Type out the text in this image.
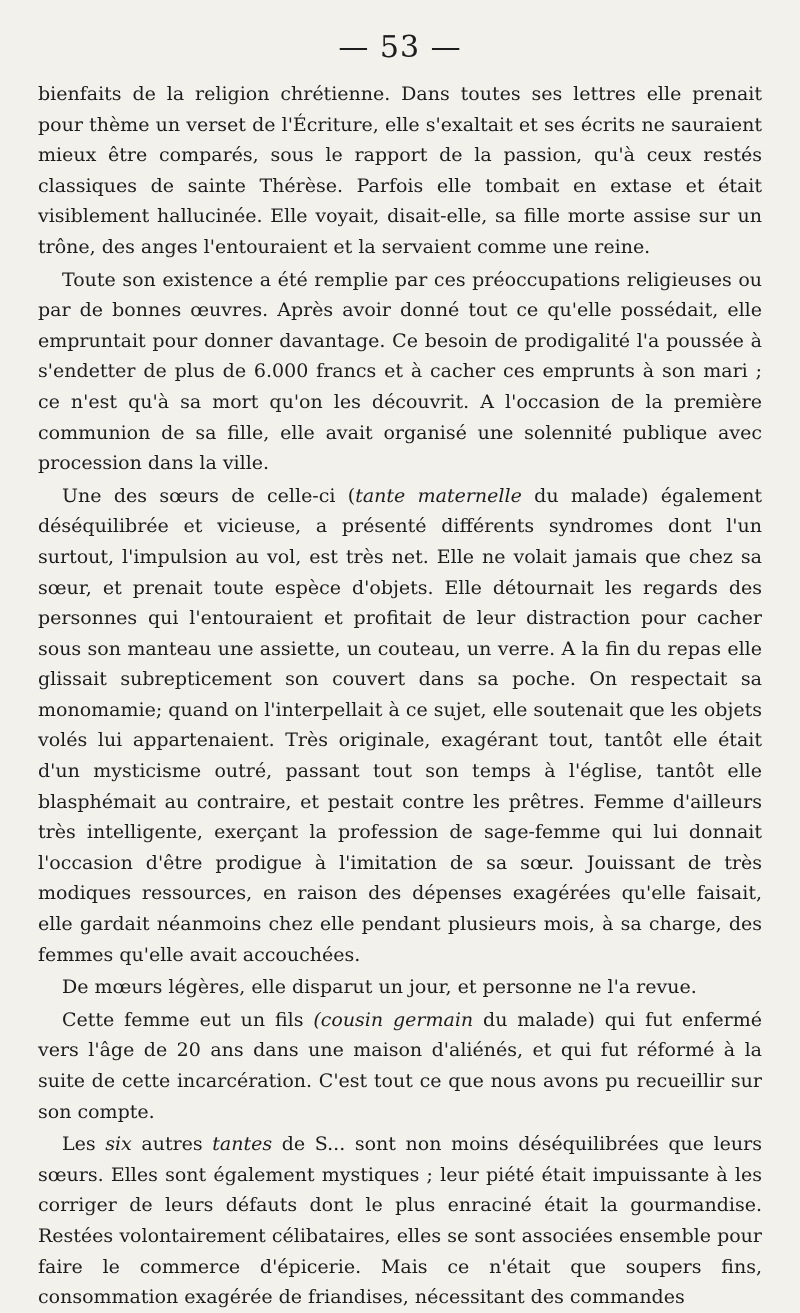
— 53 —

bienfaits de la religion chrétienne. Dans toutes ses lettres elle prenait pour thème un verset de l'Écriture, elle s'exaltait et ses écrits ne sauraient mieux être comparés, sous le rapport de la passion, qu'à ceux restés classiques de sainte Thérèse. Parfois elle tombait en extase et était visiblement hallucinée. Elle voyait, disait-elle, sa fille morte assise sur un trône, des anges l'entouraient et la servaient comme une reine.

Toute son existence a été remplie par ces préoccupations religieuses ou par de bonnes œuvres. Après avoir donné tout ce qu'elle possédait, elle empruntait pour donner davantage. Ce besoin de prodigalité l'a poussée à s'endetter de plus de 6.000 francs et à cacher ces emprunts à son mari ; ce n'est qu'à sa mort qu'on les découvrit. A l'occasion de la première communion de sa fille, elle avait organisé une solennité publique avec procession dans la ville.

Une des sœurs de celle-ci (tante maternelle du malade) également déséquilibrée et vicieuse, a présenté différents syndromes dont l'un surtout, l'impulsion au vol, est très net. Elle ne volait jamais que chez sa sœur, et prenait toute espèce d'objets. Elle détournait les regards des personnes qui l'entouraient et profitait de leur distraction pour cacher sous son manteau une assiette, un couteau, un verre. A la fin du repas elle glissait subrepticement son couvert dans sa poche. On respectait sa monomamie; quand on l'interpellait à ce sujet, elle soutenait que les objets volés lui appartenaient. Très originale, exagérant tout, tantôt elle était d'un mysticisme outré, passant tout son temps à l'église, tantôt elle blasphémait au contraire, et pestait contre les prêtres. Femme d'ailleurs très intelligente, exerçant la profession de sage-femme qui lui donnait l'occasion d'être prodigue à l'imitation de sa sœur. Jouissant de très modiques ressources, en raison des dépenses exagérées qu'elle faisait, elle gardait néanmoins chez elle pendant plusieurs mois, à sa charge, des femmes qu'elle avait accouchées.

De mœurs légères, elle disparut un jour, et personne ne l'a revue.

Cette femme eut un fils (cousin germain du malade) qui fut enfermé vers l'âge de 20 ans dans une maison d'aliénés, et qui fut réformé à la suite de cette incarcération. C'est tout ce que nous avons pu recueillir sur son compte.

Les six autres tantes de S... sont non moins déséquilibrées que leurs sœurs. Elles sont également mystiques ; leur piété était impuissante à les corriger de leurs défauts dont le plus enraciné était la gourmandise. Restées volontairement célibataires, elles se sont associées ensemble pour faire le commerce d'épicerie. Mais ce n'était que soupers fins, consommation exagérée de friandises, nécessitant des commandes
